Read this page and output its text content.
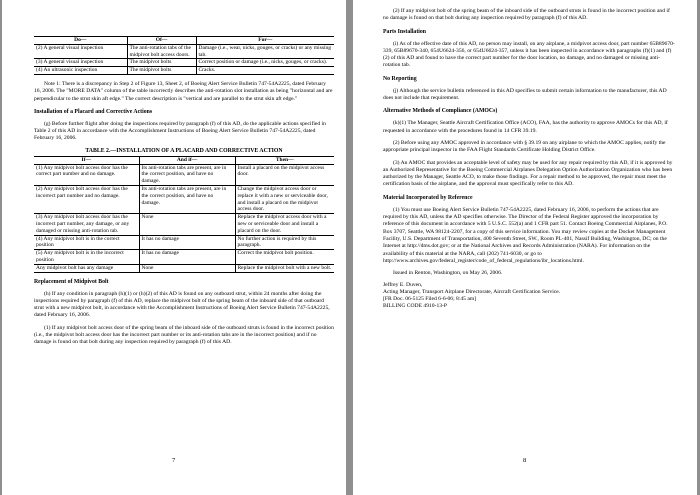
Do—	Of—	For—
(2) A general visual inspection	The anti-rotation tabs of the midpivot bolt access doors.	Damage (i.e., wear, nicks, gouges, or cracks) or any missing tab.
(3) A general visual inspection	The midpivot bolts	Correct position or damage (i.e., nicks, gouges, or cracks).
(4) An ultrasonic inspection	The midpivot bolts	Cracks.

Note 1: There is a discrepancy in Step 2 of Figure 13, Sheet 2, of Boeing Alert Service Bulletin 747-54A2225, dated February 16, 2006. The "MORE DATA" column of the table incorrectly describes the anti-rotation slot installation as being "horizontal and are perpendicular to the strut skin aft edge." The correct description is "vertical and are parallel to the strut skin aft edge."

Installation of a Placard and Corrective Actions

(g) Before further flight after doing the inspections required by paragraph (f) of this AD, do the applicable actions specified in Table 2 of this AD in accordance with the Accomplishment Instructions of Boeing Alert Service Bulletin 747-54A2225, dated February 16, 2006.

TABLE 2.—INSTALLATION OF A PLACARD AND CORRECTIVE ACTION
If—	And if—	Then—
(1) Any midpivot bolt access door has the correct part number and no damage.	Its anti-rotation tabs are present, are in the correct position, and have no damage.	Install a placard on the midpivot access door.
(2) Any midpivot bolt access door has the incorrect part number and no damage.	Its anti-rotation tabs are present, are in the correct position, and have no damage.	Change the midpivot access door or replace it with a new or serviceable door, and install a placard on the midpivot access door.
(3) Any midpivot bolt access door has the incorrect part number, any damage, or any damaged or missing anti-rotation tab.	None	Replace the midpivot access door with a new or serviceable door and install a placard on the door.
(4) Any midpivot bolt is in the correct position	It has no damage	No further action is required by this paragraph.
(5) Any midpivot bolt is in the incorrect position	It has no damage	Correct the midpivot bolt position.
Any midpivot bolt has any damage	None	Replace the midpivot bolt with a new bolt.
Replacement of Midpivot Bolt

(h) If any condition in paragraph (h)(1) or (h)(2) of this AD is found on any outboard strut, within 24 months after doing the inspections required by paragraph (f) of this AD, replace the midpivot bolt of the spring beam of the inboard side of that outboard strut with a new midpivot bolt, in accordance with the Accomplishment Instructions of Boeing Alert Service Bulletin 747-54A2225, dated February 16, 2006.

(1) If any midpivot bolt access door of the spring beam of the inboard side of the outboard struts is found in the incorrect position (i.e., the midpivot bolt access door has the incorrect part number or its anti-rotation tabs are in the incorrect position) and if no damage is found on that bolt during any inspection required by paragraph (f) of this AD.

7

(2) If any midpivot bolt of the spring beam of the inboard side of the outboard struts is found in the incorrect position and if no damage is found on that bolt during any inspection required by paragraph (f) of this AD.

Parts Installation

(i) As of the effective date of this AD, no person may install, on any airplane, a midpivot access door, part number 65B89670-339, 65B89670-340, 654U6624-356, or 654U6624-357, unless it has been inspected in accordance with paragraphs (f)(1) and (f)(2) of this AD and found to have the correct part number for the door location, no damage, and no damaged or missing anti-rotation tab.

No Reporting

(j) Although the service bulletin referenced in this AD specifies to submit certain information to the manufacturer, this AD does not include that requirement.

Alternative Methods of Compliance (AMOCs)

(k)(1) The Manager, Seattle Aircraft Certification Office (ACO), FAA, has the authority to approve AMOCs for this AD, if requested in accordance with the procedures found in 14 CFR 39.19.

(2) Before using any AMOC approved in accordance with § 39.19 on any airplane to which the AMOC applies, notify the appropriate principal inspector in the FAA Flight Standards Certificate Holding District Office.

(3) An AMOC that provides an acceptable level of safety may be used for any repair required by this AD, if it is approved by an Authorized Representative for the Boeing Commercial Airplanes Delegation Option Authorization Organization who has been authorized by the Manager, Seattle ACO, to make those findings. For a repair method to be approved, the repair must meet the certification basis of the airplane, and the approval must specifically refer to this AD.

Material Incorporated by Reference

(1) You must use Boeing Alert Service Bulletin 747-54A2225, dated February 16, 2006, to perform the actions that are required by this AD, unless the AD specifies otherwise. The Director of the Federal Register approved the incorporation by reference of this document in accordance with 5 U.S.C. 552(a) and 1 CFR part 51. Contact Boeing Commercial Airplanes, P.O. Box 3707, Seattle, WA 98124-2207, for a copy of this service information. You may review copies at the Docket Management Facility, U.S. Department of Transportation, 400 Seventh Street, SW., Room PL-401, Nassif Building, Washington, DC; on the Internet at http://dms.dot.gov; or at the National Archives and Records Administration (NARA). For information on the availability of this material at the NARA, call (202) 741-6030, or go to http://www.archives.gov/federal_register/code_of_federal_regulations/ibr_locations.html.

Issued in Renton, Washington, on May 26, 2006.

Jeffrey E. Duven,
Acting Manager, Transport Airplane Directorate, Aircraft Certification Service.
[FR Doc. 06-5125 Filed 6-6-06; 8:45 am]
BILLING CODE 4910-13-P
8
